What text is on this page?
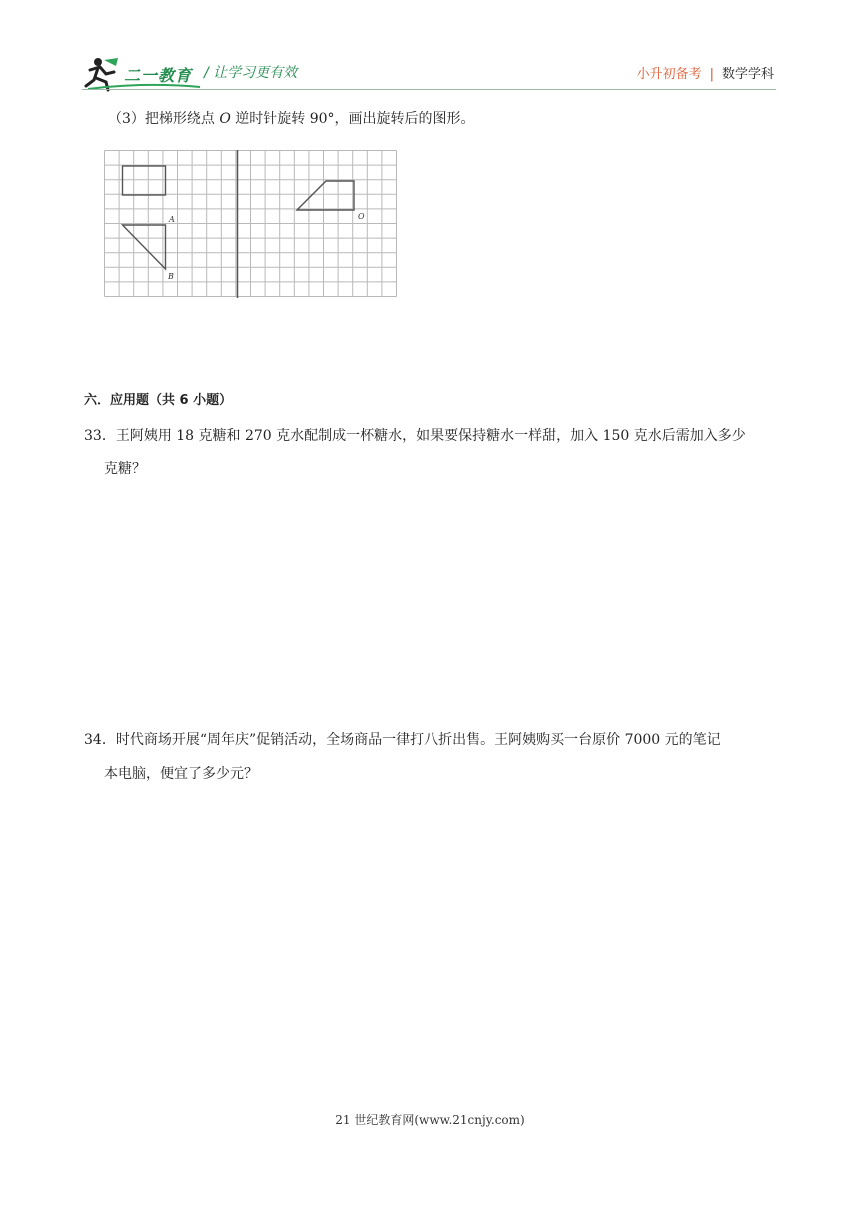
二一教育 / 让学习更有效	小升初备考 | 数学学科
（3）把梯形绕点 O 逆时针旋转 90°，画出旋转后的图形。
A
B
O
六．应用题（共 6 小题）
33．王阿姨用 18 克糖和 270 克水配制成一杯糖水，如果要保持糖水一样甜，加入 150 克水后需加入多少
克糖？
34．时代商场开展“周年庆”促销活动，全场商品一律打八折出售。王阿姨购买一台原价 7000 元的笔记
本电脑，便宜了多少元？
21 世纪教育网(www.21cnjy.com)
